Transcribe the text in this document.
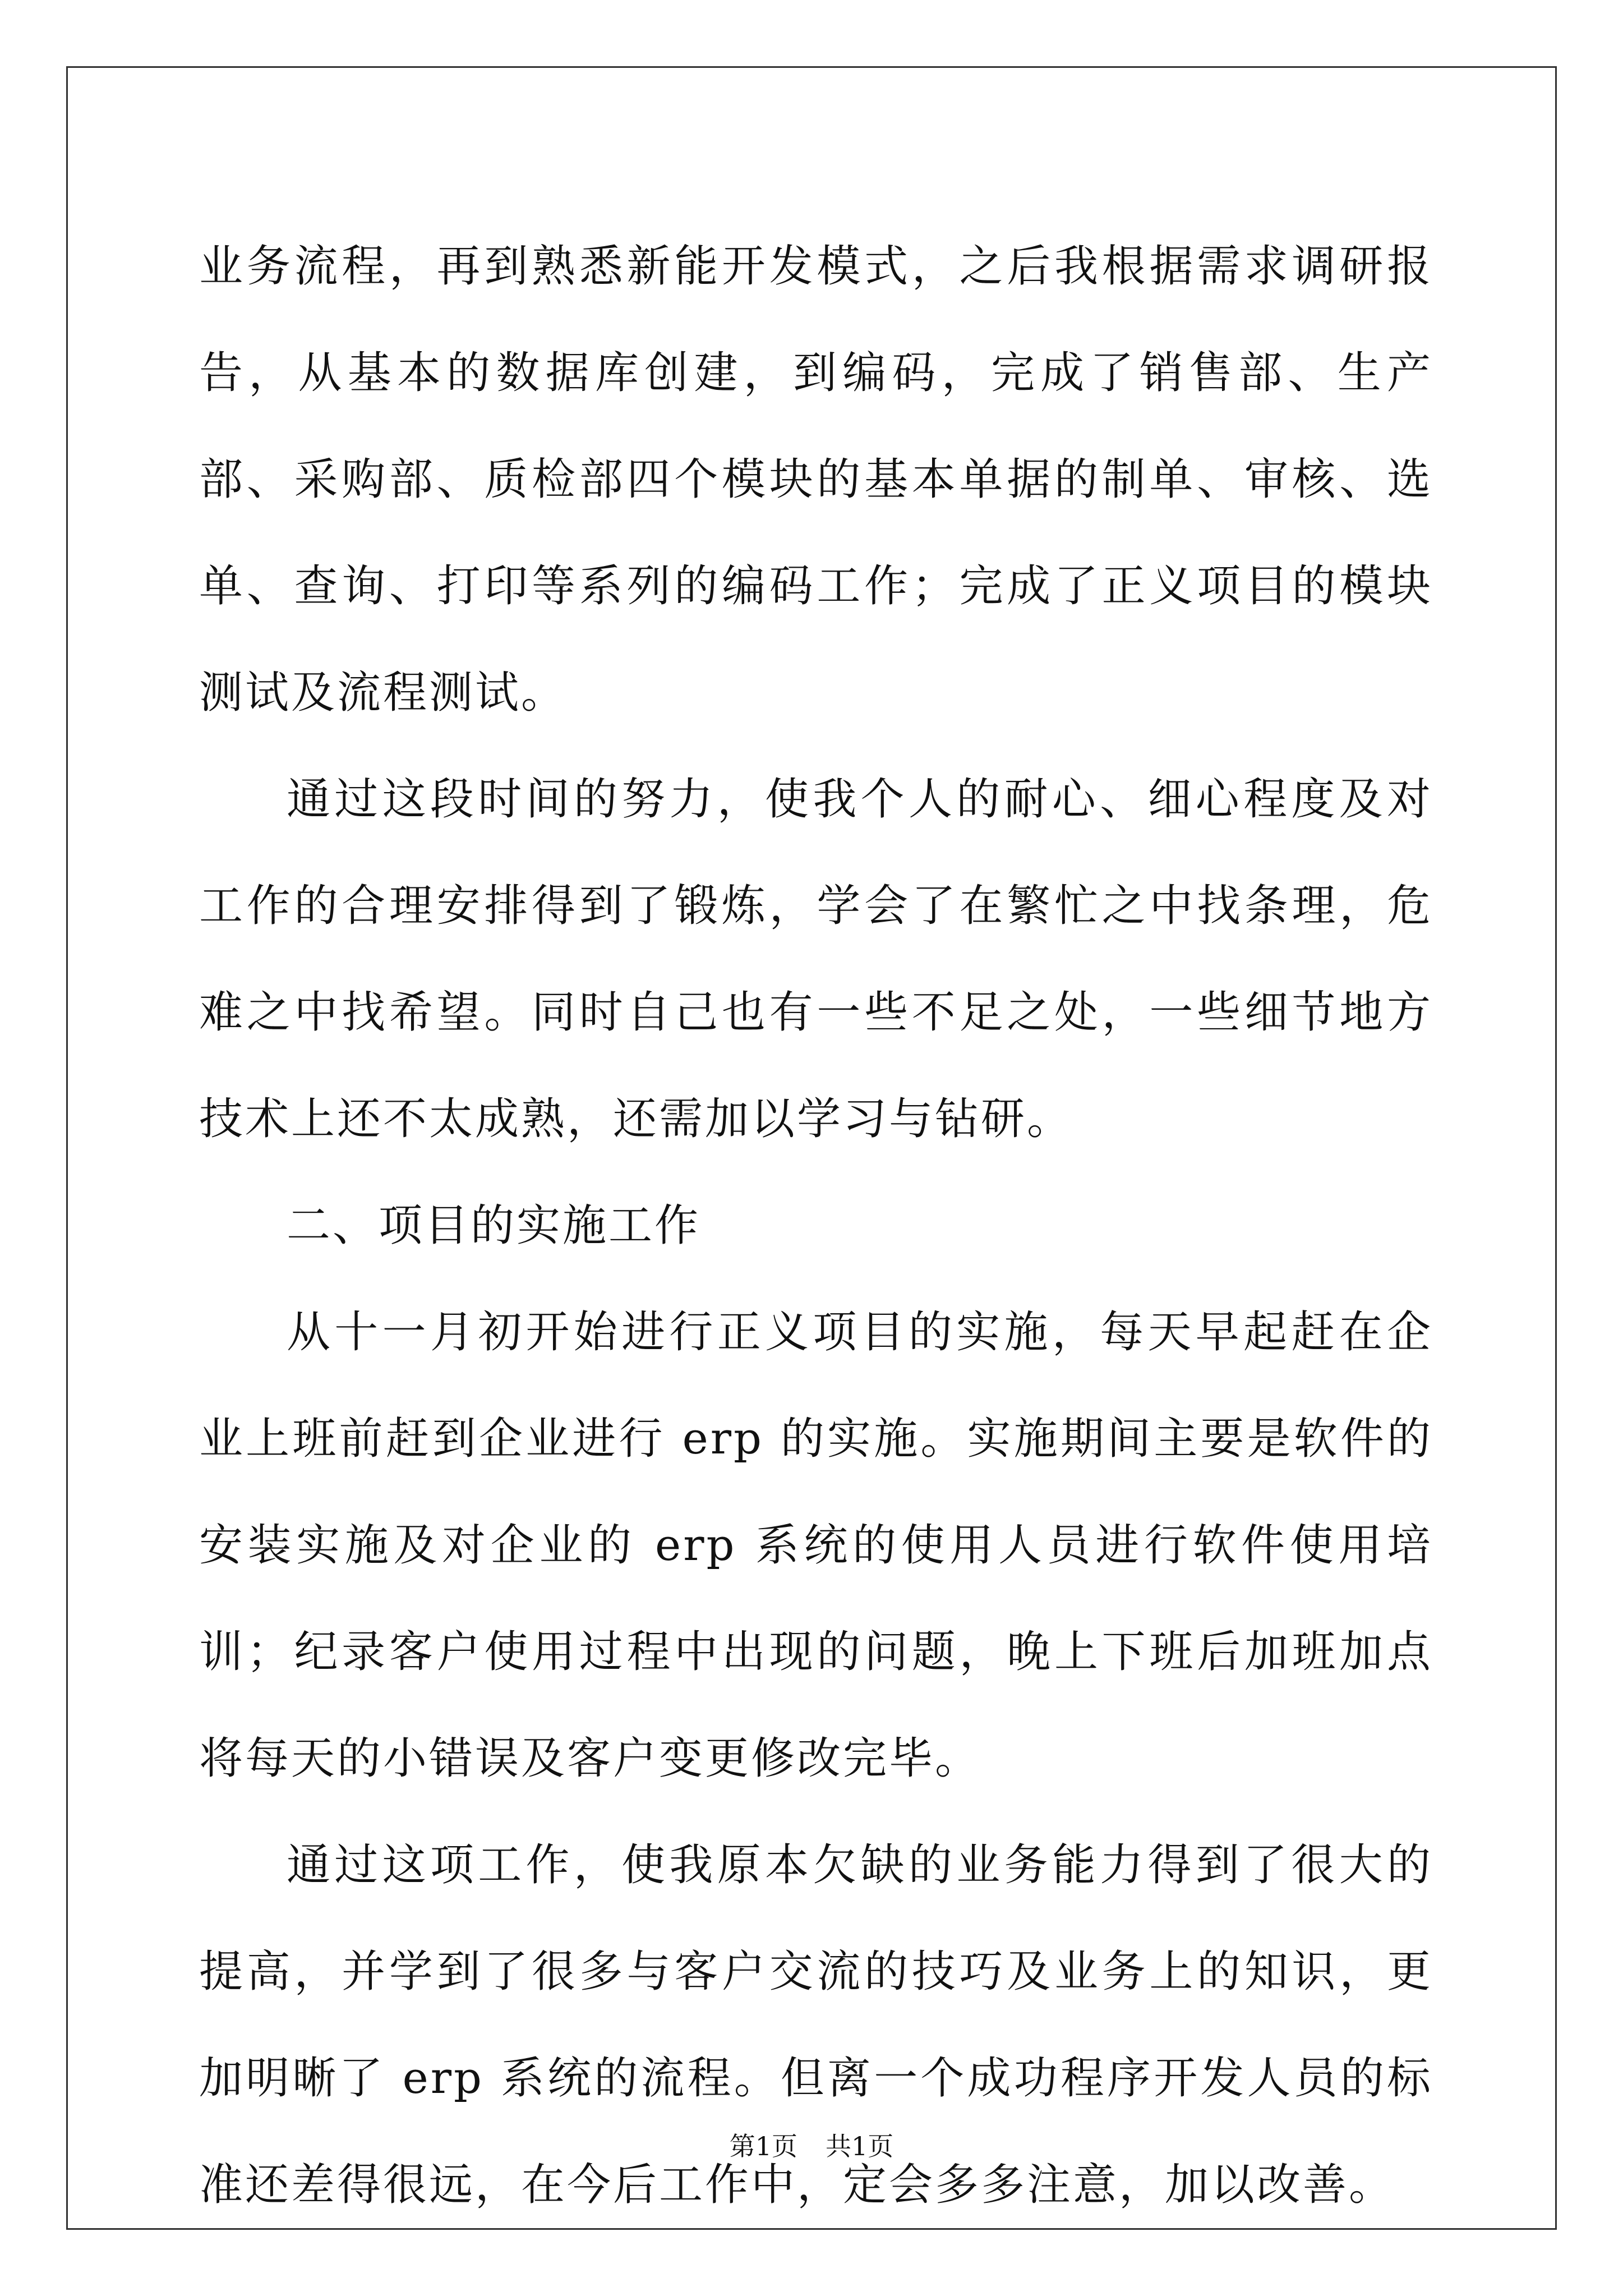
业务流程，再到熟悉新能开发模式，之后我根据需求调研报告，从基本的数据库创建，到编码，完成了销售部、生产部、采购部、质检部四个模块的基本单据的制单、审核、选单、查询、打印等系列的编码工作；完成了正义项目的模块测试及流程测试。

通过这段时间的努力，使我个人的耐心、细心程度及对工作的合理安排得到了锻炼，学会了在繁忙之中找条理，危难之中找希望。同时自己也有一些不足之处，一些细节地方技术上还不太成熟，还需加以学习与钻研。

二、项目的实施工作

从十一月初开始进行正义项目的实施，每天早起赶在企业上班前赶到企业进行 erp 的实施。实施期间主要是软件的安装实施及对企业的 erp 系统的使用人员进行软件使用培训；纪录客户使用过程中出现的问题，晚上下班后加班加点将每天的小错误及客户变更修改完毕。

通过这项工作，使我原本欠缺的业务能力得到了很大的提高，并学到了很多与客户交流的技巧及业务上的知识，更加明晰了 erp 系统的流程。但离一个成功程序开发人员的标准还差得很远，在今后工作中，定会多多注意，加以改善。

第1页 共1页
